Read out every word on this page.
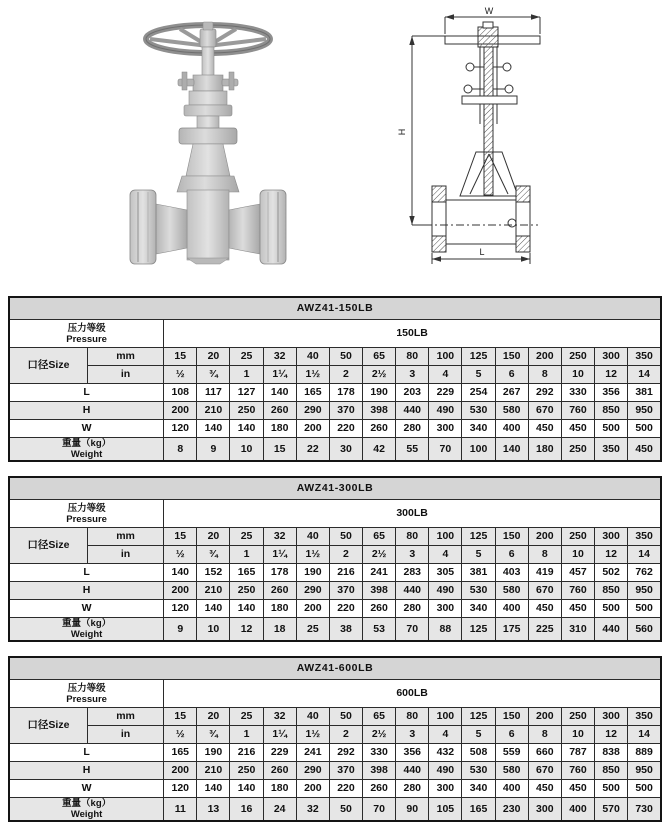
W
H
L
AWZ41-150LB																

压力等级
Pressure		150LB														
口径Size	mm	15	20	25	32	40	50	65	80	100	125	150	200	250	300	350
	in	½	¾	1	1¼	1½	2	2½	3	4	5	6	8	10	12	14
L		108	117	127	140	165	178	190	203	229	254	267	292	330	356	381
H		200	210	250	260	290	370	398	440	490	530	580	670	760	850	950
W		120	140	140	180	200	220	260	280	300	340	400	450	450	500	500

重量（kg）
Weight		8	9	10	15	22	30	42	55	70	100	140	180	250	350	450
AWZ41-300LB																

压力等级
Pressure		300LB														
口径Size	mm	15	20	25	32	40	50	65	80	100	125	150	200	250	300	350
	in	½	¾	1	1¼	1½	2	2½	3	4	5	6	8	10	12	14
L		140	152	165	178	190	216	241	283	305	381	403	419	457	502	762
H		200	210	250	260	290	370	398	440	490	530	580	670	760	850	950
W		120	140	140	180	200	220	260	280	300	340	400	450	450	500	500

重量（kg）
Weight		9	10	12	18	25	38	53	70	88	125	175	225	310	440	560
AWZ41-600LB																

压力等级
Pressure		600LB														
口径Size	mm	15	20	25	32	40	50	65	80	100	125	150	200	250	300	350
	in	½	¾	1	1¼	1½	2	2½	3	4	5	6	8	10	12	14
L		165	190	216	229	241	292	330	356	432	508	559	660	787	838	889
H		200	210	250	260	290	370	398	440	490	530	580	670	760	850	950
W		120	140	140	180	200	220	260	280	300	340	400	450	450	500	500

重量（kg）
Weight		11	13	16	24	32	50	70	90	105	165	230	300	400	570	730
